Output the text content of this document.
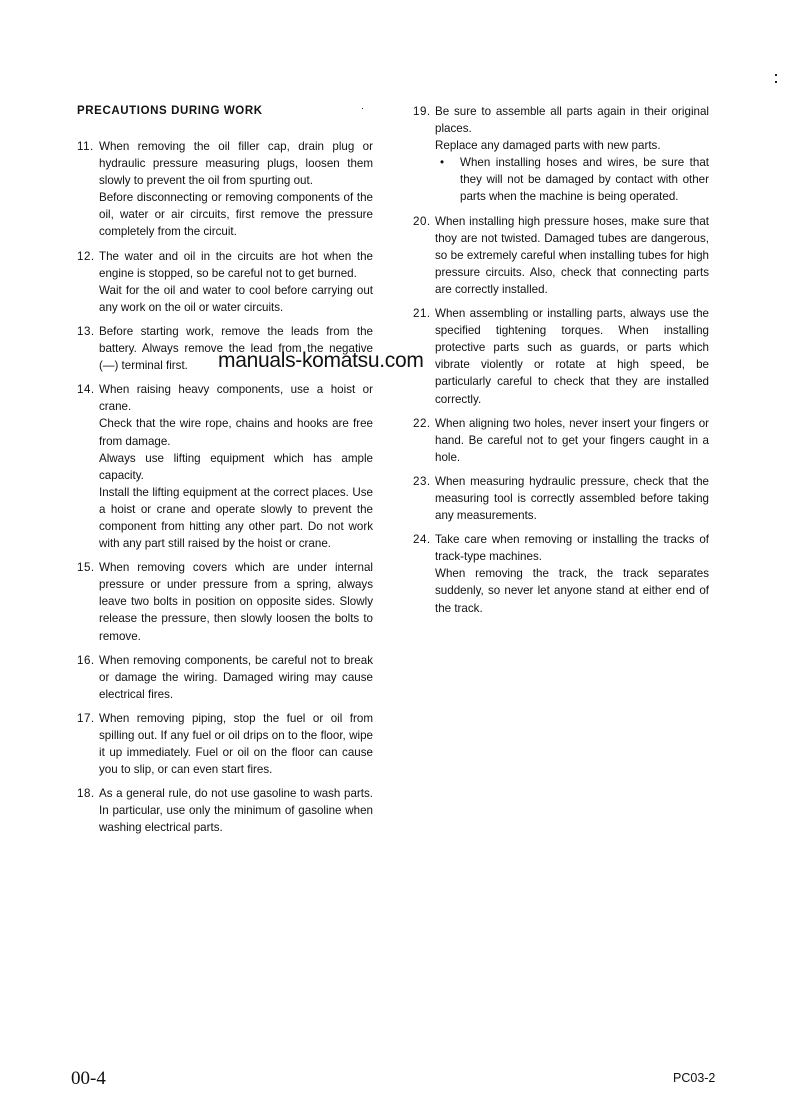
PRECAUTIONS DURING WORK
11. When removing the oil filler cap, drain plug or hydraulic pressure measuring plugs, loosen them slowly to prevent the oil from spurting out.
Before disconnecting or removing components of the oil, water or air circuits, first remove the pressure completely from the circuit.
12. The water and oil in the circuits are hot when the engine is stopped, so be careful not to get burned.
Wait for the oil and water to cool before carrying out any work on the oil or water circuits.
13. Before starting work, remove the leads from the battery. Always remove the lead from the negative (—) terminal first.
14. When raising heavy components, use a hoist or crane.
Check that the wire rope, chains and hooks are free from damage.
Always use lifting equipment which has ample capacity.
Install the lifting equipment at the correct places. Use a hoist or crane and operate slowly to prevent the component from hitting any other part. Do not work with any part still raised by the hoist or crane.
15. When removing covers which are under internal pressure or under pressure from a spring, always leave two bolts in position on opposite sides. Slowly release the pressure, then slowly loosen the bolts to remove.
16. When removing components, be careful not to break or damage the wiring. Damaged wiring may cause electrical fires.
17. When removing piping, stop the fuel or oil from spilling out. If any fuel or oil drips on to the floor, wipe it up immediately. Fuel or oil on the floor can cause you to slip, or can even start fires.
18. As a general rule, do not use gasoline to wash parts. In particular, use only the minimum of gasoline when washing electrical parts.
19. Be sure to assemble all parts again in their original places.
Replace any damaged parts with new parts.
• When installing hoses and wires, be sure that they will not be damaged by contact with other parts when the machine is being operated.
20. When installing high pressure hoses, make sure that thoy are not twisted. Damaged tubes are dangerous, so be extremely careful when installing tubes for high pressure circuits. Also, check that connecting parts are correctly installed.
21. When assembling or installing parts, always use the specified tightening torques. When installing protective parts such as guards, or parts which vibrate violently or rotate at high speed, be particularly careful to check that they are installed correctly.
22. When aligning two holes, never insert your fingers or hand. Be careful not to get your fingers caught in a hole.
23. When measuring hydraulic pressure, check that the measuring tool is correctly assembled before taking any measurements.
24. Take care when removing or installing the tracks of track-type machines.
When removing the track, the track separates suddenly, so never let anyone stand at either end of the track.
manuals-komatsu.com
00-4	PC03-2
